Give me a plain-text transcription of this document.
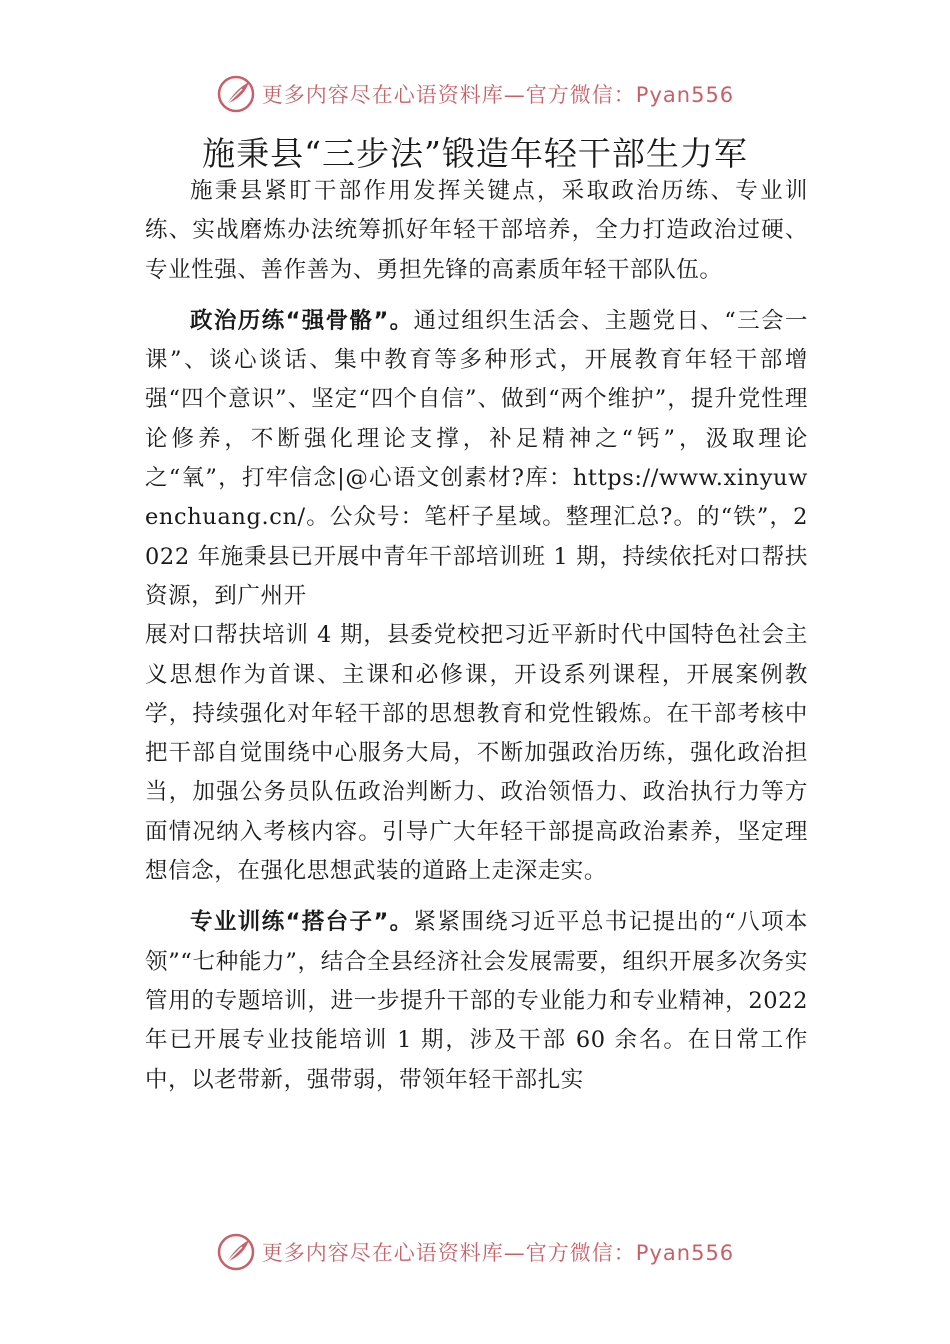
更多内容尽在心语资料库—官方微信：Pyan556
施秉县“三步法”锻造年轻干部生力军

施秉县紧盯干部作用发挥关键点，采取政治历练、专业训练、实战磨炼办法统筹抓好年轻干部培养，全力打造政治过硬、专业性强、善作善为、勇担先锋的高素质年轻干部队伍。

政治历练“强骨骼”。通过组织生活会、主题党日、“三会一课”、谈心谈话、集中教育等多种形式，开展教育年轻干部增强“四个意识”、坚定“四个自信”、做到“两个维护”，提升党性理论修养，不断强化理论支撑，补足精神之“钙”，汲取理论之“氧”，打牢信念|@心语文创素材?库：https://www.xinyuwenchuang.cn/。公众号：笔杆子星域。整理汇总?。的“铁”，2022 年施秉县已开展中青年干部培训班 1 期，持续依托对口帮扶资源，到广州开

展对口帮扶培训 4 期，县委党校把习近平新时代中国特色社会主义思想作为首课、主课和必修课，开设系列课程，开展案例教学，持续强化对年轻干部的思想教育和党性锻炼。在干部考核中把干部自觉围绕中心服务大局，不断加强政治历练，强化政治担当，加强公务员队伍政治判断力、政治领悟力、政治执行力等方面情况纳入考核内容。引导广大年轻干部提高政治素养，坚定理想信念，在强化思想武装的道路上走深走实。

专业训练“搭台子”。紧紧围绕习近平总书记提出的“八项本领”“七种能力”，结合全县经济社会发展需要，组织开展多次务实管用的专题培训，进一步提升干部的专业能力和专业精神，2022 年已开展专业技能培训 1 期，涉及干部 60 余名。在日常工作中，以老带新，强带弱，带领年轻干部扎实

更多内容尽在心语资料库—官方微信：Pyan556
